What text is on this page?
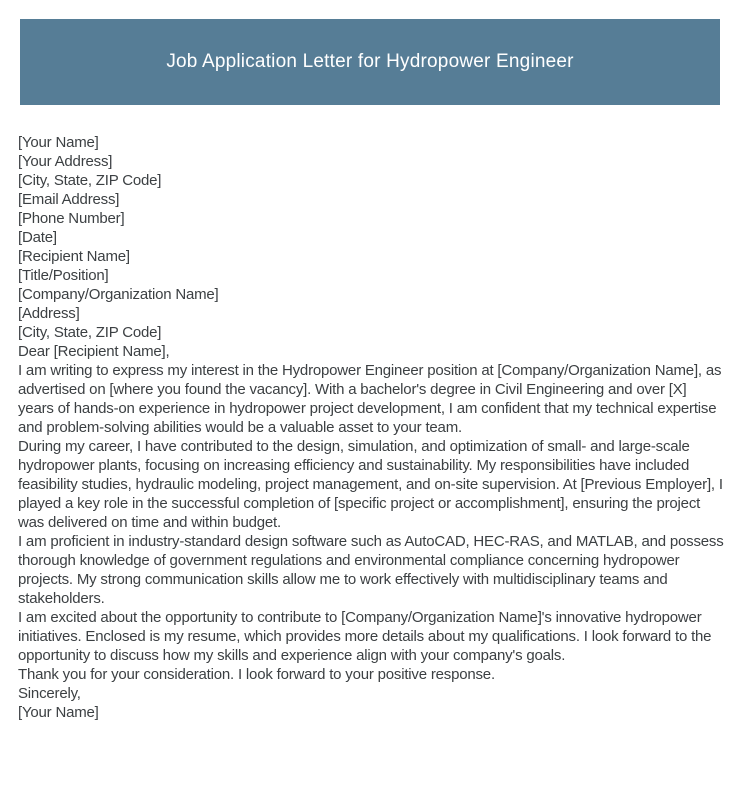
Job Application Letter for Hydropower Engineer
[Your Name]
[Your Address]
[City, State, ZIP Code]
[Email Address]
[Phone Number]
[Date]
[Recipient Name]
[Title/Position]
[Company/Organization Name]
[Address]
[City, State, ZIP Code]
Dear [Recipient Name],

I am writing to express my interest in the Hydropower Engineer position at [Company/Organization Name], as advertised on [where you found the vacancy]. With a bachelor's degree in Civil Engineering and over [X] years of hands-on experience in hydropower project development, I am confident that my technical expertise and problem-solving abilities would be a valuable asset to your team.

During my career, I have contributed to the design, simulation, and optimization of small- and large-scale hydropower plants, focusing on increasing efficiency and sustainability. My responsibilities have included feasibility studies, hydraulic modeling, project management, and on-site supervision. At [Previous Employer], I played a key role in the successful completion of [specific project or accomplishment], ensuring the project was delivered on time and within budget.

I am proficient in industry-standard design software such as AutoCAD, HEC-RAS, and MATLAB, and possess thorough knowledge of government regulations and environmental compliance concerning hydropower projects. My strong communication skills allow me to work effectively with multidisciplinary teams and stakeholders.

I am excited about the opportunity to contribute to [Company/Organization Name]'s innovative hydropower initiatives. Enclosed is my resume, which provides more details about my qualifications. I look forward to the opportunity to discuss how my skills and experience align with your company's goals.

Thank you for your consideration. I look forward to your positive response.
Sincerely,
[Your Name]
